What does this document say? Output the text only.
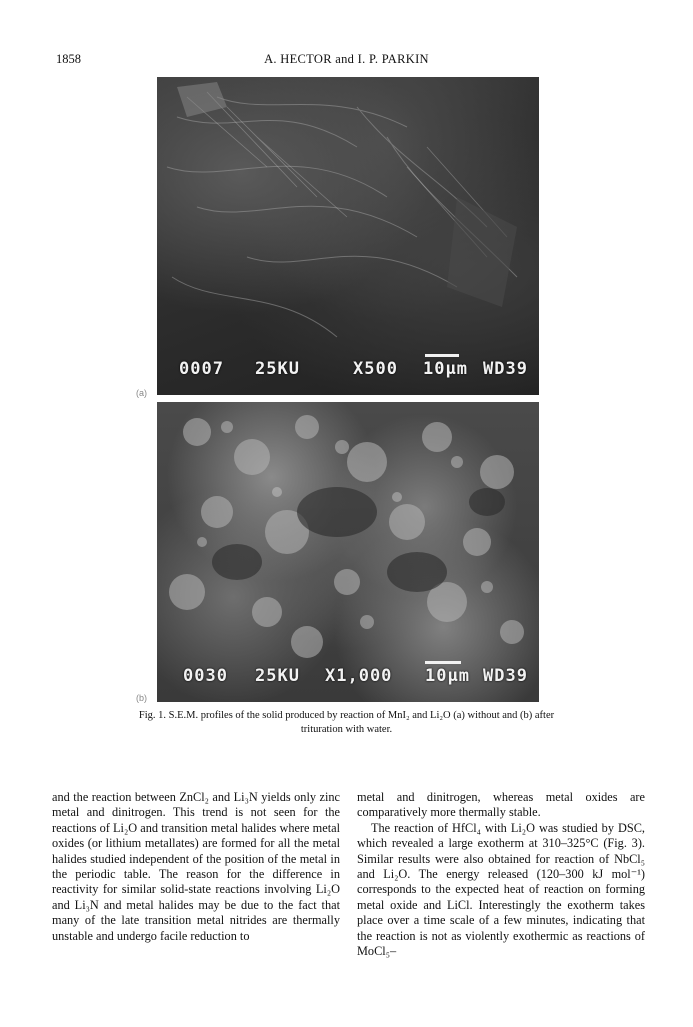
1858	A. HECTOR and I. P. PARKIN
0007 25KU	X500 10µm WD39
(a)
0030 25KU X1,000 10µm WD39
(b)
Fig. 1. S.E.M. profiles of the solid produced by reaction of MnI₂ and Li₂O (a) without and (b) after
trituration with water.

and the reaction between ZnCl₂ and Li₃N yields only zinc metal and dinitrogen. This trend is not seen for the reactions of Li₂O and transition metal halides where metal oxides (or lithium metallates) are formed for all the metal halides studied independent of the position of the metal in the periodic table. The reason for the difference in reactivity for similar solid-state reactions involving Li₂O and Li₃N and metal halides may be due to the fact that many of the late transition metal nitrides are thermally unstable and undergo facile reduction to

metal and dinitrogen, whereas metal oxides are comparatively more thermally stable.

The reaction of HfCl₄ with Li₂O was studied by DSC, which revealed a large exotherm at 310–325°C (Fig. 3). Similar results were also obtained for reaction of NbCl₅ and Li₂O. The energy released (120–300 kJ mol⁻¹) corresponds to the expected heat of reaction on forming metal oxide and LiCl. Interestingly the exotherm takes place over a time scale of a few minutes, indicating that the reaction is not as violently exothermic as reactions of MoCl₅–
